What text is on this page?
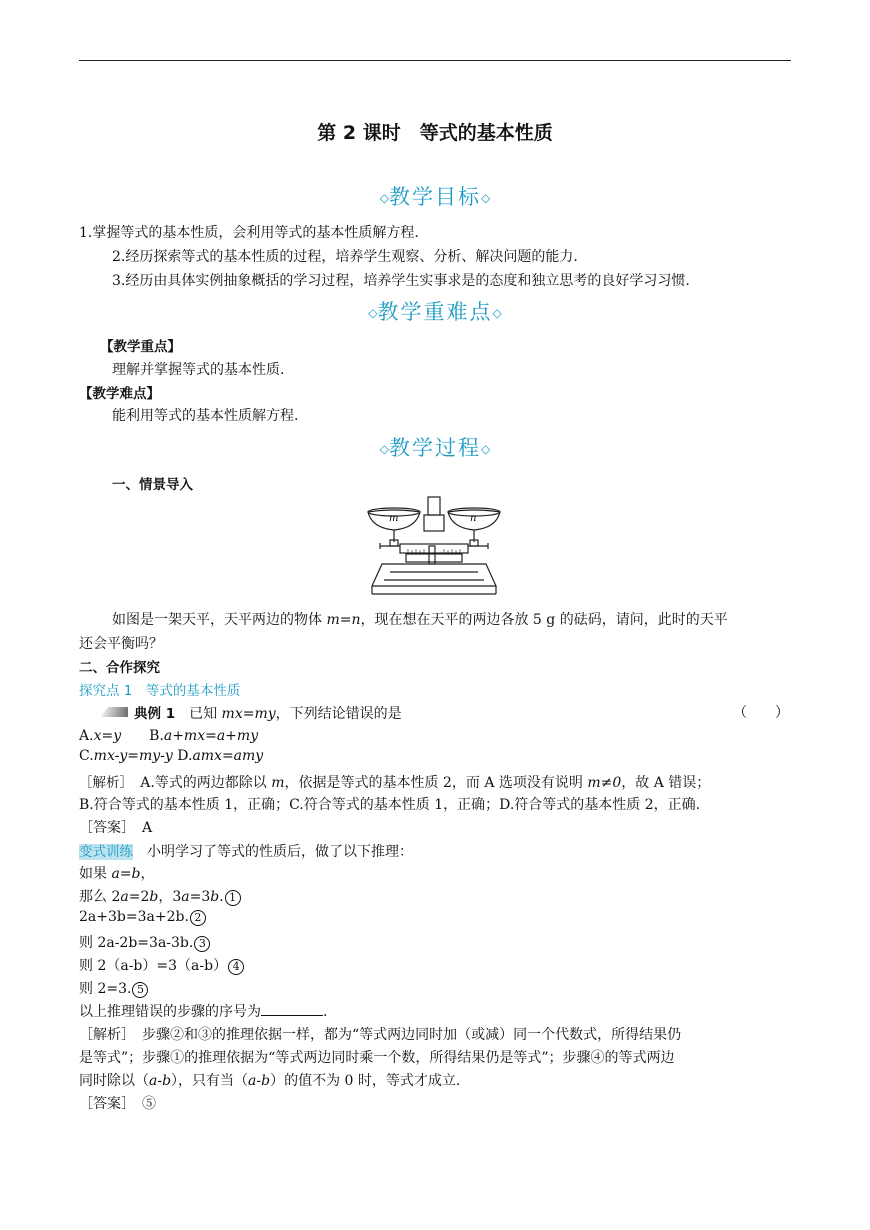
第 2 课时　等式的基本性质
◇教学目标◇
1.掌握等式的基本性质，会利用等式的基本性质解方程.
2.经历探索等式的基本性质的过程，培养学生观察、分析、解决问题的能力.
3.经历由具体实例抽象概括的学习过程，培养学生实事求是的态度和独立思考的良好学习习惯.
◇教学重难点◇
【教学重点】
理解并掌握等式的基本性质.
【教学难点】
能利用等式的基本性质解方程.
◇教学过程◇
一、情景导入
m	n
如图是一架天平，天平两边的物体 m=n，现在想在天平的两边各放 5 g 的砝码，请问，此时的天平
还会平衡吗？
二、合作探究
探究点 1　等式的基本性质
典例 1　 已知 mx=my，下列结论错误的是	（　　）
A.x=y　　 B.a+mx=a+my
C.mx-y=my-y D.amx=amy
［解析］　 A.等式的两边都除以 m，依据是等式的基本性质 2，而 A 选项没有说明 m≠0，故 A 错误；
B.符合等式的基本性质 1，正确；C.符合等式的基本性质 1，正确；D.符合等式的基本性质 2，正确.
［答案］　 A
变式训练　 小明学习了等式的性质后，做了以下推理：
如果 a=b，
那么 2a=2b，3a=3b. 1
2a+3b=3a+2b. 2
则 2a-2b=3a-3b. 3
则 2（a-b）=3（a-b） 4
则 2=3. 5
以上推理错误的步骤的序号为	.
［解析］　 步骤②和③的推理依据一样，都为“等式两边同时加（或减）同一个代数式，所得结果仍
是等式”；步骤①的推理依据为“等式两边同时乘一个数，所得结果仍是等式”；步骤④的等式两边
同时除以（a-b），只有当（a-b）的值不为 0 时，等式才成立.
［答案］　 ⑤
